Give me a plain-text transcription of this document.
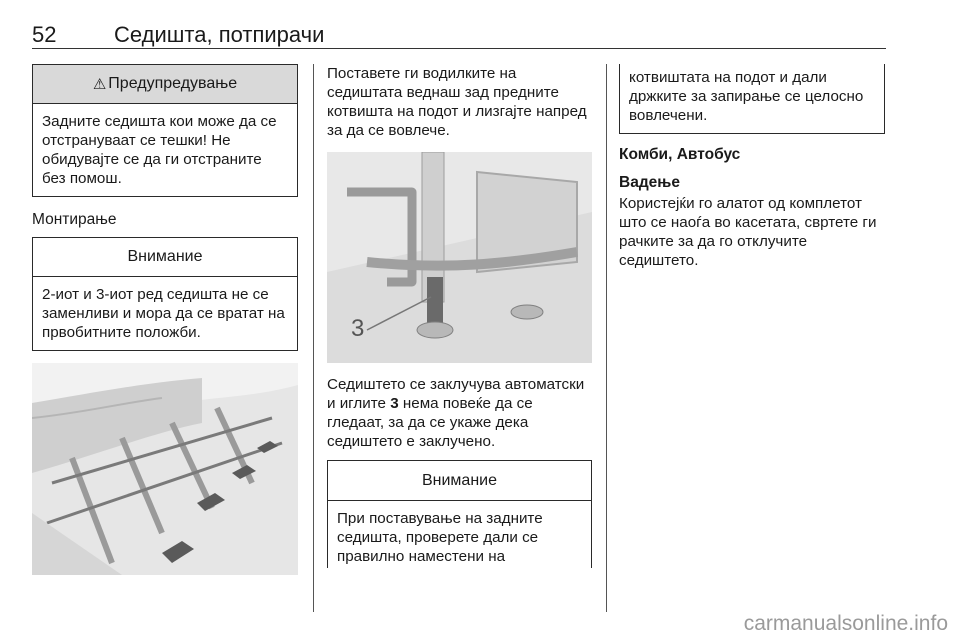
52	Седишта, потпирачи
⚠ Предупредување
Задните седишта кои може да се отстрануваат се тешки! Не обидувајте се да ги отстраните без помош.
Монтирање
Внимание
2-иот и 3-иот ред седишта не се заменливи и мора да се вратат на првобитните положби.

Поставете ги водилките на седиштата веднаш зад предните котвишта на подот и лизгајте напред за да се вовлече.

3

Седиштето се заклучува автоматски и иглите 3 нема повеќе да се гледаат, за да се укаже дека седиштето е заклучено.

Внимание
При поставување на задните седишта, проверете дали се правилно наместени на
котвиштата на подот и дали држките за запирање се целосно вовлечени.
Комби, Автобус
Вадење

Користејќи го алатот од комплетот што се наоѓа во касетата, свртете ги рачките за да го отклучите седиштето.

carmanualsonline.info
